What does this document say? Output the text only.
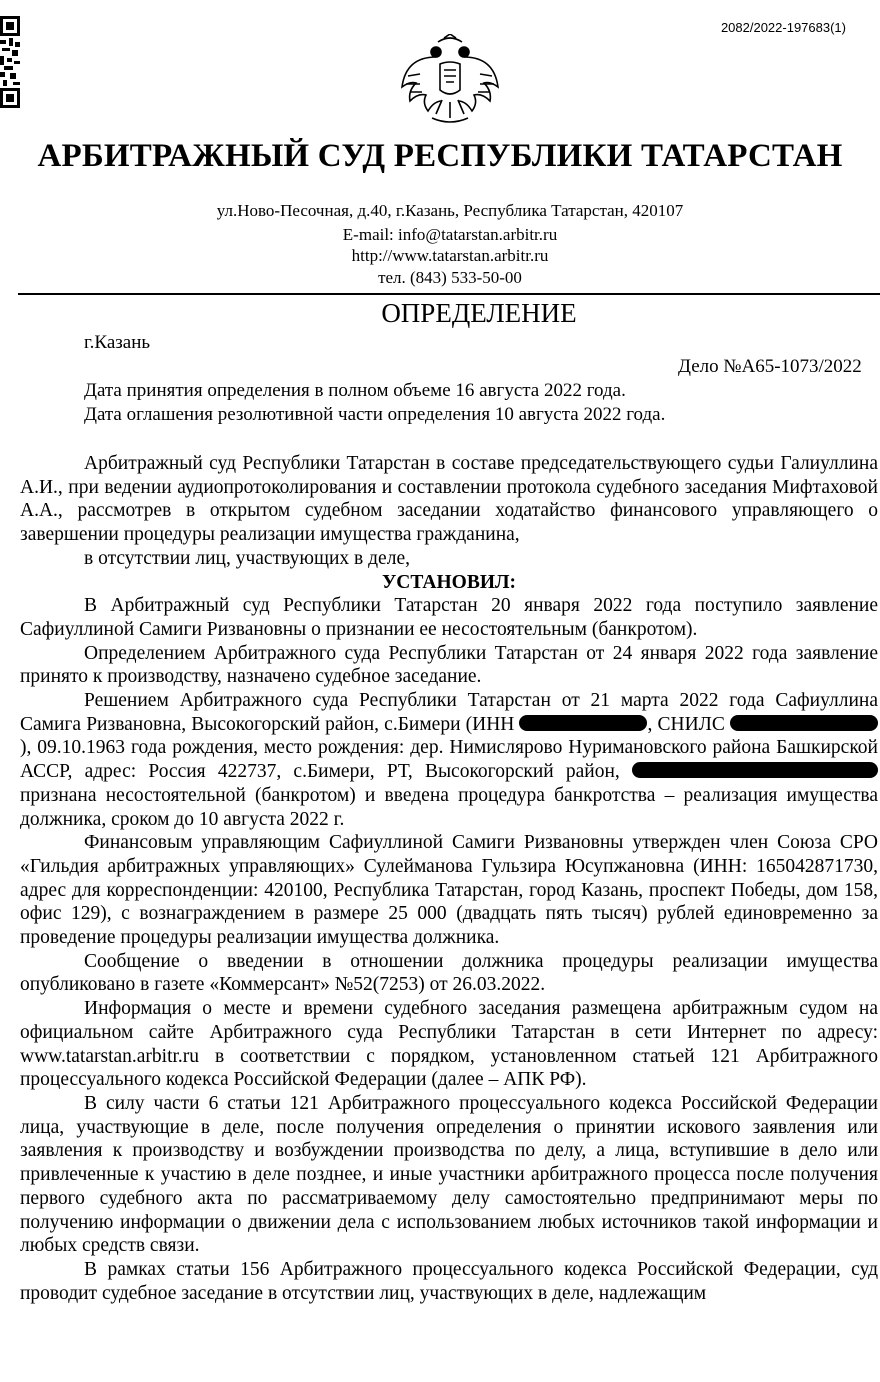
2082/2022-197683(1)
АРБИТРАЖНЫЙ СУД РЕСПУБЛИКИ ТАТАРСТАН
ул.Ново-Песочная, д.40, г.Казань, Республика Татарстан, 420107
E-mail: info@tatarstan.arbitr.ru
http://www.tatarstan.arbitr.ru
тел. (843) 533-50-00
ОПРЕДЕЛЕНИЕ
г.Казань
Дело №А65-1073/2022
Дата принятия определения в полном объеме 16 августа 2022 года.
Дата оглашения резолютивной части определения 10 августа 2022 года.

Арбитражный суд Республики Татарстан в составе председательствующего судьи Галиуллина А.И., при ведении аудиопротоколирования и составлении протокола судебного заседания Мифтаховой А.А., рассмотрев в открытом судебном заседании ходатайство финансового управляющего о завершении процедуры реализации имущества гражданина,

в отсутствии лиц, участвующих в деле,

УСТАНОВИЛ:

В Арбитражный суд Республики Татарстан 20 января 2022 года поступило заявление Сафиуллиной Самиги Ризвановны о признании ее несостоятельным (банкротом).

Определением Арбитражного суда Республики Татарстан от 24 января 2022 года заявление принято к производству, назначено судебное заседание.

Решением Арбитражного суда Республики Татарстан от 21 марта 2022 года Сафиуллина Самига Ризвановна, Высокогорский район, с.Бимери (ИНН	, СНИЛС ), 09.10.1963 года рождения, место рождения: дер. Нимислярово Нуримановского района Башкирской АССР, адрес: Россия 422737, с.Бимери, РТ, Высокогорский район,  признана несостоятельной (банкротом) и введена процедура банкротства – реализация имущества должника, сроком до 10 августа 2022 г.

Финансовым управляющим Сафиуллиной Самиги Ризвановны утвержден член Союза СРО «Гильдия арбитражных управляющих» Сулейманова Гульзира Юсупжановна (ИНН: 165042871730, адрес для корреспонденции: 420100, Республика Татарстан, город Казань, проспект Победы, дом 158, офис 129), с вознаграждением в размере 25 000 (двадцать пять тысяч) рублей единовременно за проведение процедуры реализации имущества должника.

Сообщение о введении в отношении должника процедуры реализации имущества опубликовано в газете «Коммерсант» №52(7253) от 26.03.2022.

Информация о месте и времени судебного заседания размещена арбитражным судом на официальном сайте Арбитражного суда Республики Татарстан в сети Интернет по адресу: www.tatarstan.arbitr.ru в соответствии с порядком, установленном статьей 121 Арбитражного процессуального кодекса Российской Федерации (далее – АПК РФ).

В силу части 6 статьи 121 Арбитражного процессуального кодекса Российской Федерации лица, участвующие в деле, после получения определения о принятии искового заявления или заявления к производству и возбуждении производства по делу, а лица, вступившие в дело или привлеченные к участию в деле позднее, и иные участники арбитражного процесса после получения первого судебного акта по рассматриваемому делу самостоятельно предпринимают меры по получению информации о движении дела с использованием любых источников такой информации и любых средств связи.

В рамках статьи 156 Арбитражного процессуального кодекса Российской Федерации, суд проводит судебное заседание в отсутствии лиц, участвующих в деле, надлежащим
